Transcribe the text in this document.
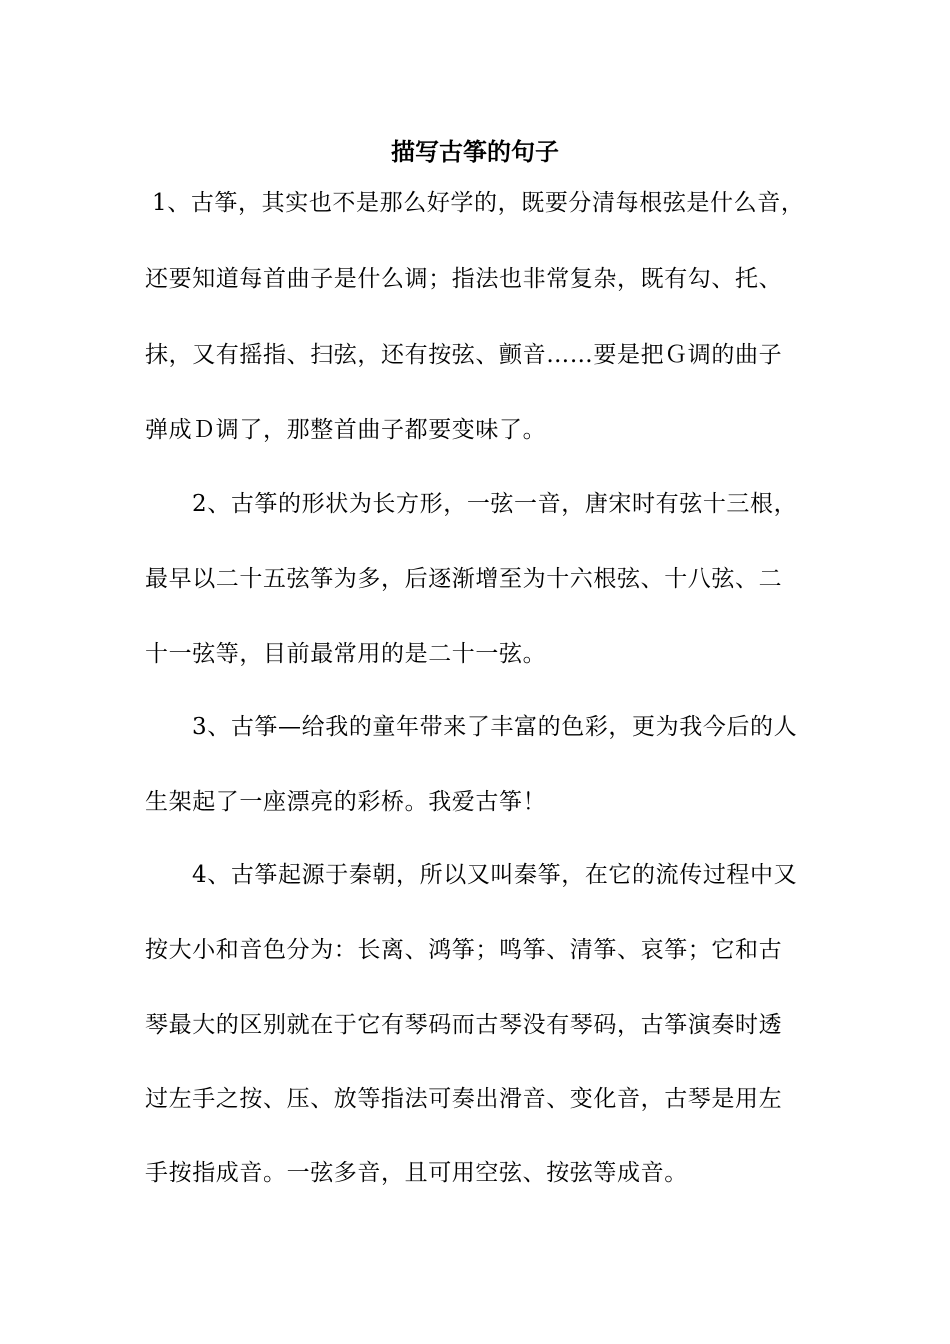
描写古筝的句子
1、古筝，其实也不是那么好学的，既要分清每根弦是什么音，
还要知道每首曲子是什么调；指法也非常复杂，既有勾、托、
抹，又有摇指、扫弦，还有按弦、颤音……要是把Ｇ调的曲子
弹成Ｄ调了，那整首曲子都要变味了。
2、古筝的形状为长方形，一弦一音，唐宋时有弦十三根，
最早以二十五弦筝为多，后逐渐增至为十六根弦、十八弦、二
十一弦等，目前最常用的是二十一弦。
3、古筝—给我的童年带来了丰富的色彩，更为我今后的人
生架起了一座漂亮的彩桥。我爱古筝！
4、古筝起源于秦朝，所以又叫秦筝，在它的流传过程中又
按大小和音色分为：长离、鸿筝；鸣筝、清筝、哀筝；它和古
琴最大的区别就在于它有琴码而古琴没有琴码，古筝演奏时透
过左手之按、压、放等指法可奏出滑音、变化音，古琴是用左
手按指成音。一弦多音，且可用空弦、按弦等成音。
